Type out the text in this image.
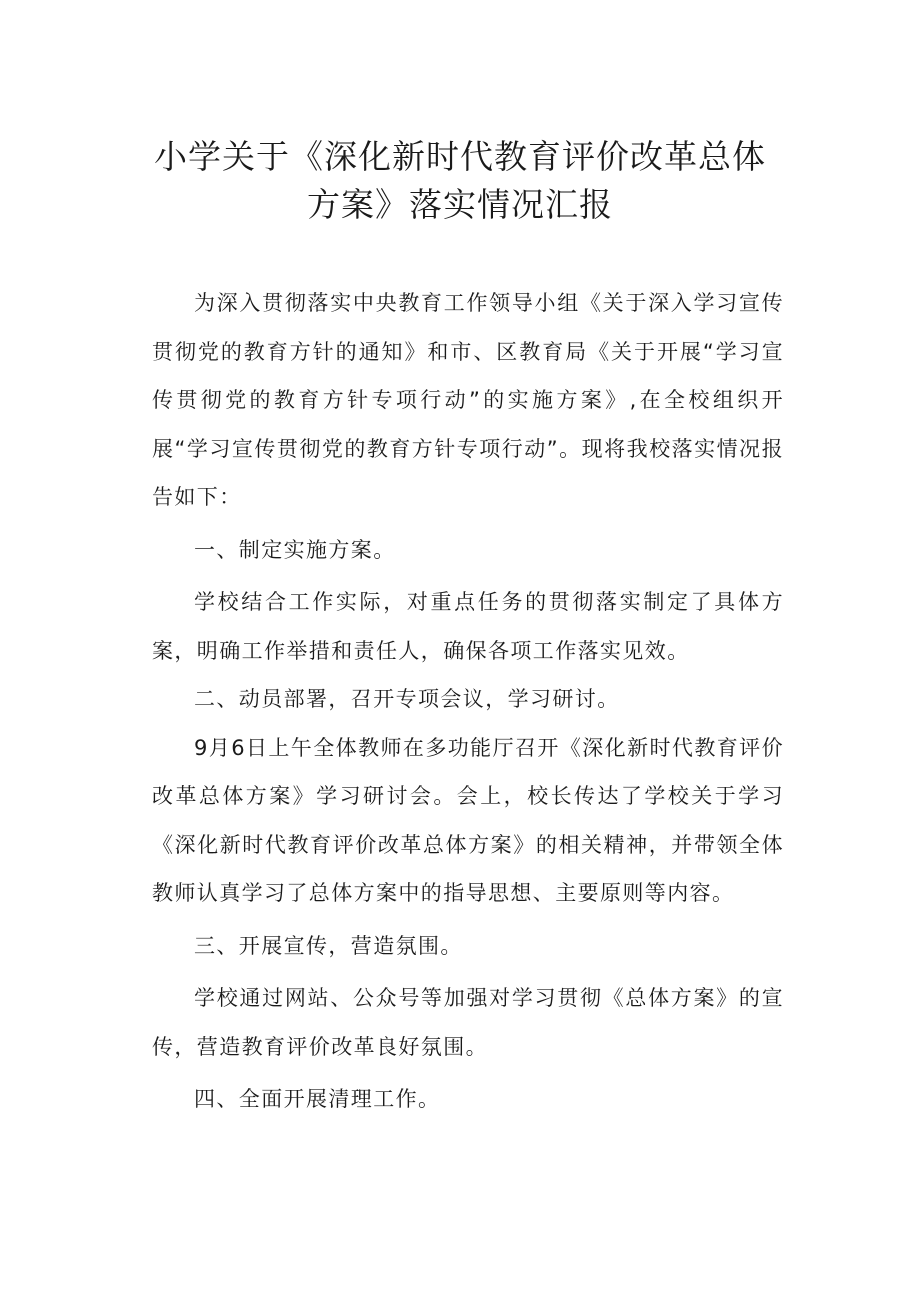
小学关于《深化新时代教育评价改革总体
方案》落实情况汇报

为深入贯彻落实中央教育工作领导小组《关于深入学习宣传贯彻党的教育方针的通知》和市、区教育局《关于开展“学习宣传贯彻党的教育方针专项行动”的实施方案》,在全校组织开展“学习宣传贯彻党的教育方针专项行动”。现将我校落实情况报告如下：

一、制定实施方案。

学校结合工作实际，对重点任务的贯彻落实制定了具体方案，明确工作举措和责任人，确保各项工作落实见效。

二、动员部署，召开专项会议，学习研讨。

9月6日上午全体教师在多功能厅召开《深化新时代教育评价改革总体方案》学习研讨会。会上，校长传达了学校关于学习《深化新时代教育评价改革总体方案》的相关精神，并带领全体教师认真学习了总体方案中的指导思想、主要原则等内容。

三、开展宣传，营造氛围。

学校通过网站、公众号等加强对学习贯彻《总体方案》的宣传，营造教育评价改革良好氛围。

四、全面开展清理工作。
